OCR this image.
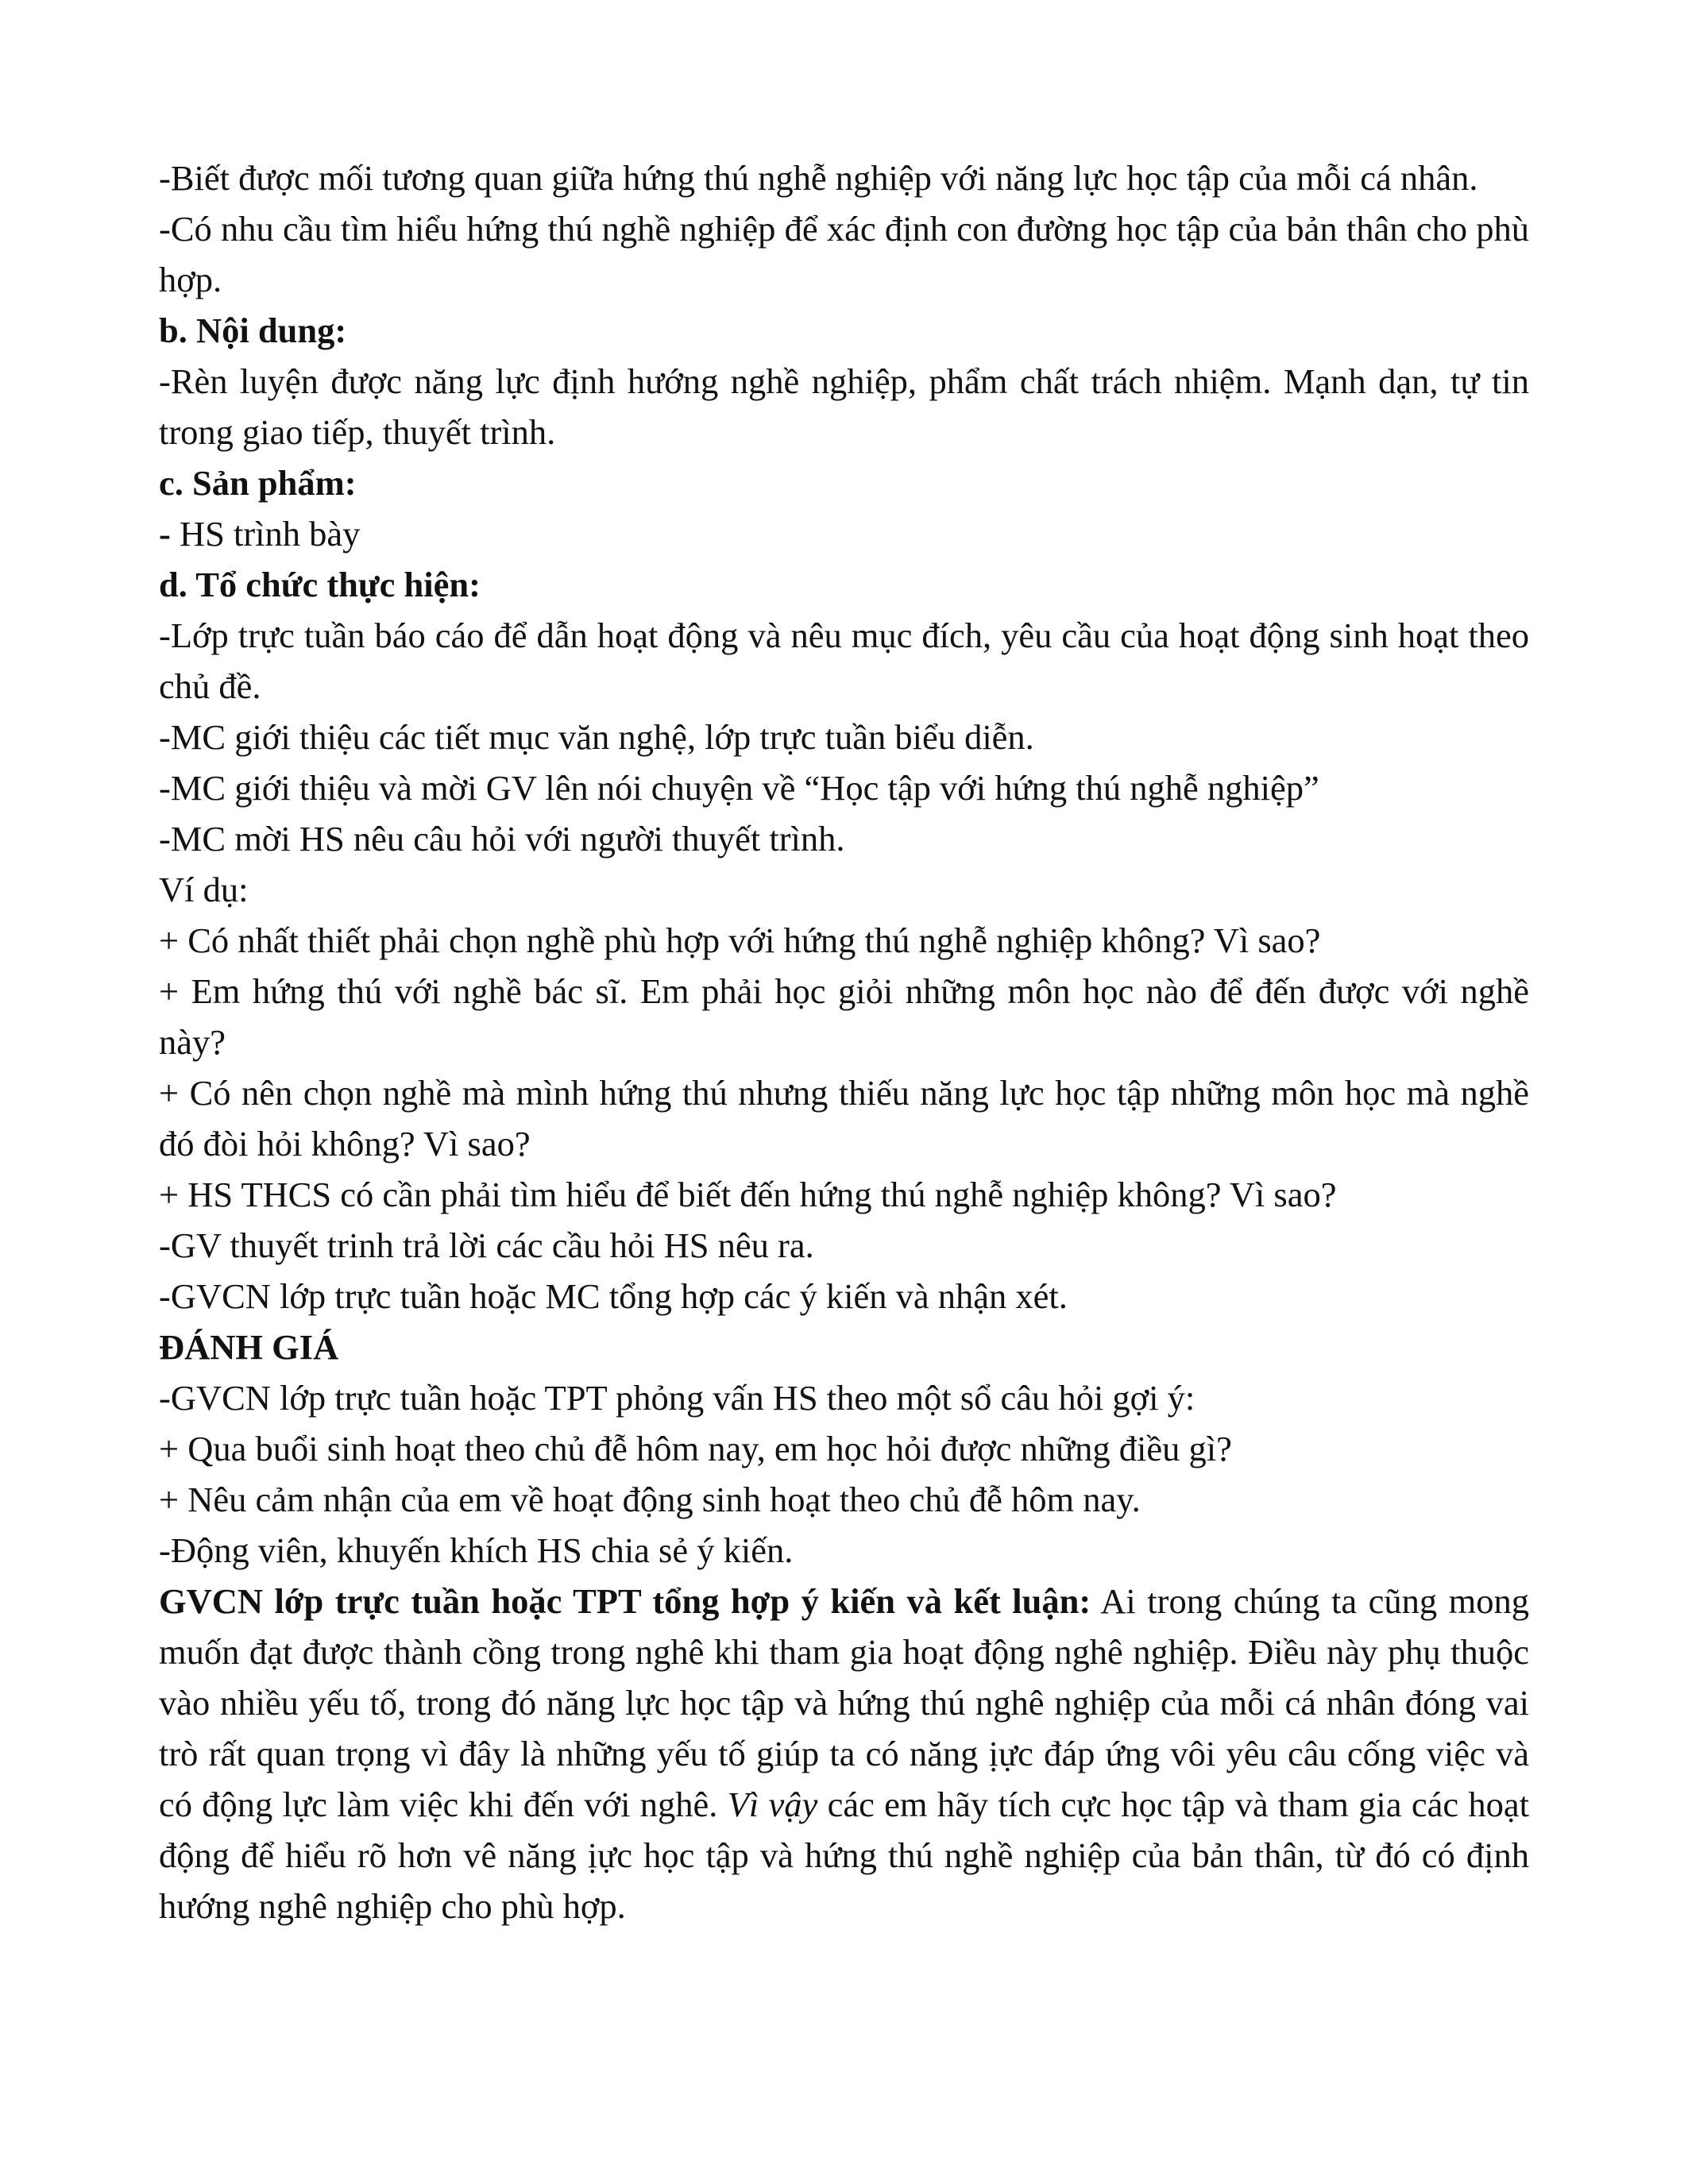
-Biết được mối tương quan giữa hứng thú nghễ nghiệp với năng lực học tập của mỗi cá nhân.

-Có nhu cầu tìm hiểu hứng thú nghề nghiệp để xác định con đường học tập của bản thân cho phù hợp.

b. Nội dung:

-Rèn luyện được năng lực định hướng nghề nghiệp, phẩm chất trách nhiệm. Mạnh dạn, tự tin trong giao tiếp, thuyết trình.

c. Sản phẩm:

- HS trình bày

d. Tổ chức thực hiện:

-Lớp trực tuần báo cáo để dẫn hoạt động và nêu mục đích, yêu cầu của hoạt động sinh hoạt theo chủ đề.

-MC giới thiệu các tiết mục văn nghệ, lớp trực tuần biểu diễn.

-MC giới thiệu và mời GV lên nói chuyện về “Học tập với hứng thú nghễ nghiệp”

-MC mời HS nêu câu hỏi với người thuyết trình.

Ví dụ:

+ Có nhất thiết phải chọn nghề phù hợp với hứng thú nghễ nghiệp không? Vì sao?

+ Em hứng thú với nghề bác sĩ. Em phải học giỏi những môn học nào để đến được với nghề này?

+ Có nên chọn nghề mà mình hứng thú nhưng thiếu năng lực học tập những môn học mà nghề đó đòi hỏi không? Vì sao?

+ HS THCS có cần phải tìm hiểu để biết đến hứng thú nghễ nghiệp không? Vì sao?

-GV thuyết trinh trả lời các cầu hỏi HS nêu ra.

-GVCN lớp trực tuần hoặc MC tổng hợp các ý kiến và nhận xét.

ĐÁNH GIÁ

-GVCN lớp trực tuần hoặc TPT phỏng vấn HS theo một sổ câu hỏi gợi ý:

+ Qua buổi sinh hoạt theo chủ đễ hôm nay, em học hỏi được những điều gì?

+ Nêu cảm nhận của em về hoạt động sinh hoạt theo chủ đễ hôm nay.

-Động viên, khuyến khích HS chia sẻ ý kiến.

GVCN lớp trực tuần hoặc TPT tổng hợp ý kiến và kết luận: Ai trong chúng ta cũng mong muốn đạt được thành cồng trong nghê khi tham gia hoạt động nghê nghiệp. Điều này phụ thuộc vào nhiều yếu tố, trong đó năng lực học tập và hứng thú nghê nghiệp của mỗi cá nhân đóng vai trò rất quan trọng vì đây là những yếu tố giúp ta có năng ịực đáp ứng vôi yêu câu cống việc và có động lực làm việc khi đến với nghê. Vì vậy các em hãy tích cực học tập và tham gia các hoạt động để hiểu rõ hơn vê năng ịực học tập và hứng thú nghề nghiệp của bản thân, từ đó có định hướng nghê nghiệp cho phù hợp.
